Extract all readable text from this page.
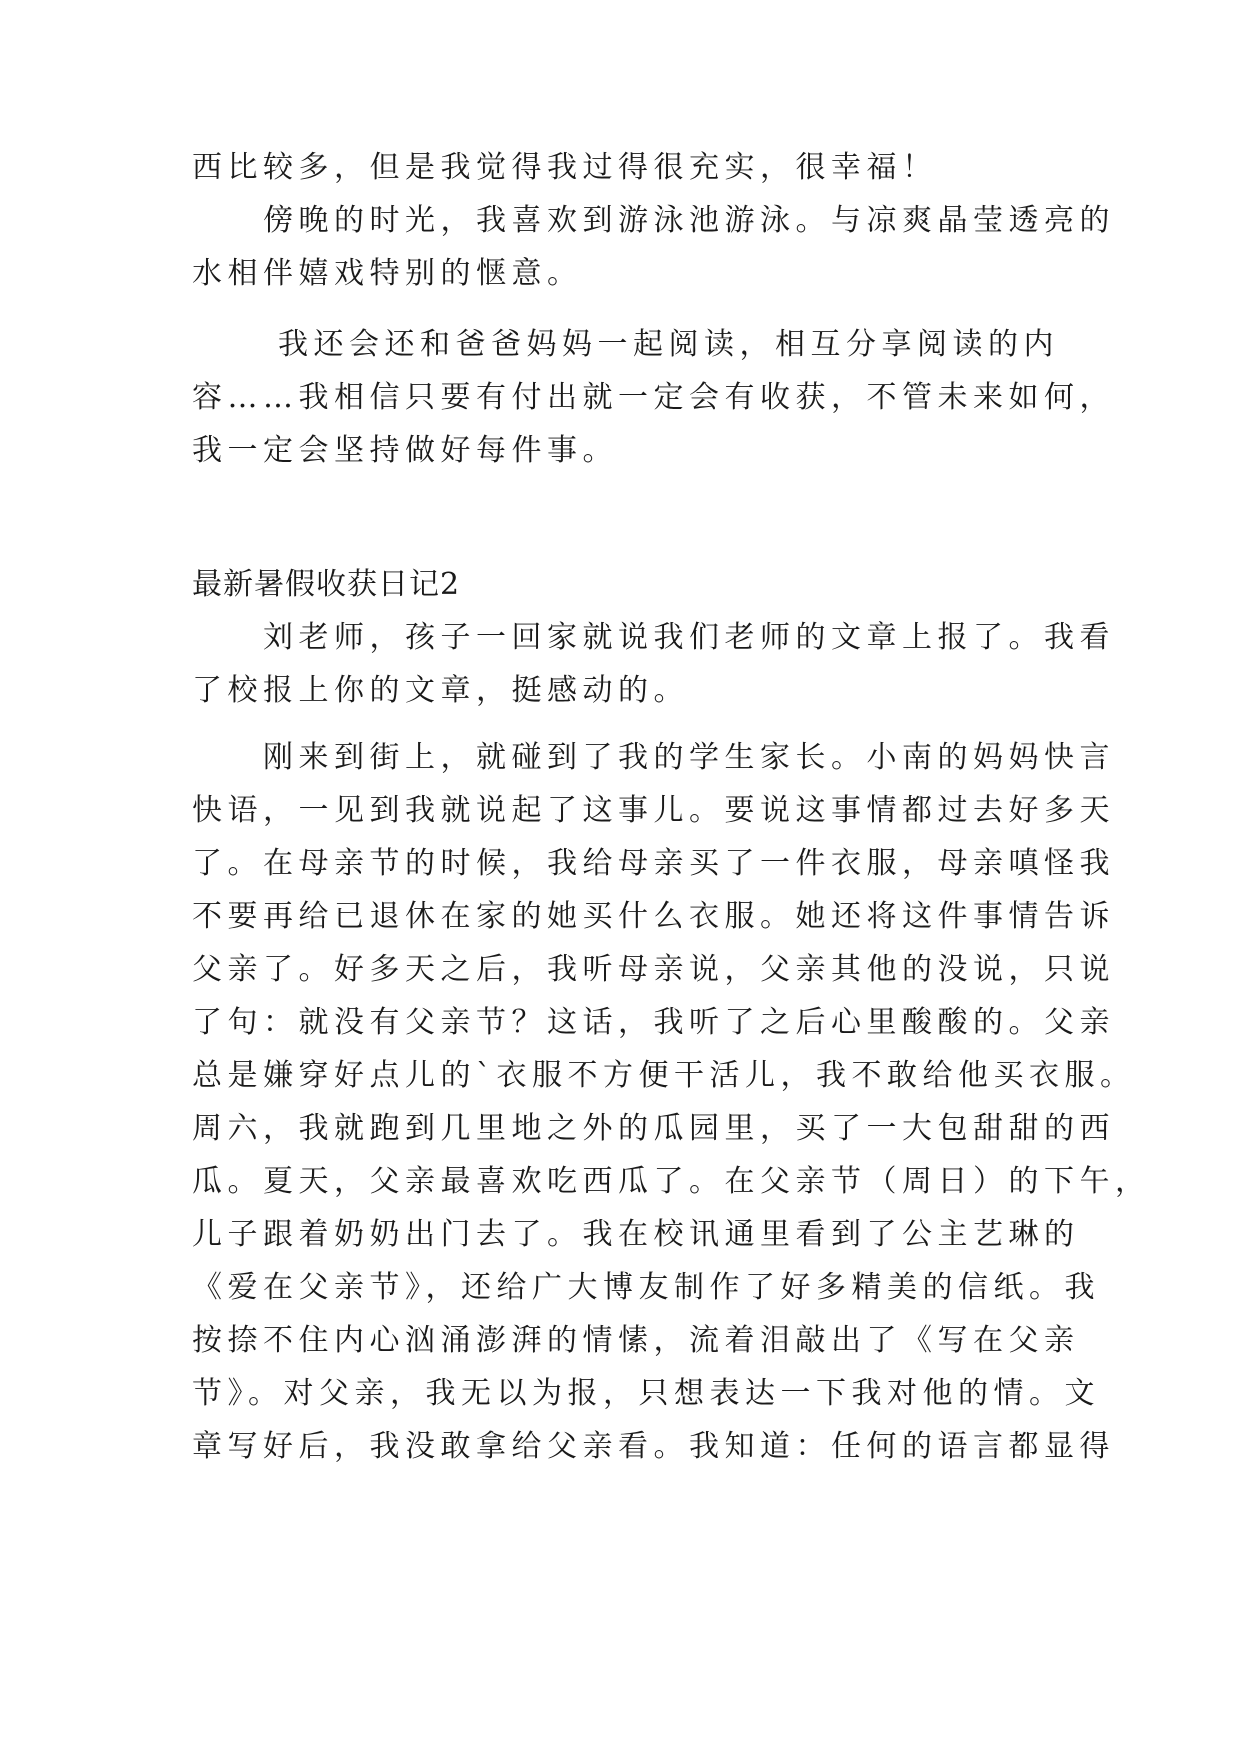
西比较多，但是我觉得我过得很充实，很幸福！
　　傍晚的时光，我喜欢到游泳池游泳。与凉爽晶莹透亮的
水相伴嬉戏特别的惬意。
　　 我还会还和爸爸妈妈一起阅读，相互分享阅读的内
容……我相信只要有付出就一定会有收获，不管未来如何，
我一定会坚持做好每件事。
最新暑假收获日记2
　　刘老师，孩子一回家就说我们老师的文章上报了。我看
了校报上你的文章，挺感动的。
　　刚来到街上，就碰到了我的学生家长。小南的妈妈快言
快语，一见到我就说起了这事儿。要说这事情都过去好多天
了。在母亲节的时候，我给母亲买了一件衣服，母亲嗔怪我
不要再给已退休在家的她买什么衣服。她还将这件事情告诉
父亲了。好多天之后，我听母亲说，父亲其他的没说，只说
了句：就没有父亲节？这话，我听了之后心里酸酸的。父亲
总是嫌穿好点儿的`衣服不方便干活儿，我不敢给他买衣服。
周六，我就跑到几里地之外的瓜园里，买了一大包甜甜的西
瓜。夏天，父亲最喜欢吃西瓜了。在父亲节（周日）的下午，
儿子跟着奶奶出门去了。我在校讯通里看到了公主艺琳的
《爱在父亲节》，还给广大博友制作了好多精美的信纸。我
按捺不住内心汹涌澎湃的情愫，流着泪敲出了《写在父亲
节》。对父亲，我无以为报，只想表达一下我对他的情。文
章写好后，我没敢拿给父亲看。我知道：任何的语言都显得
